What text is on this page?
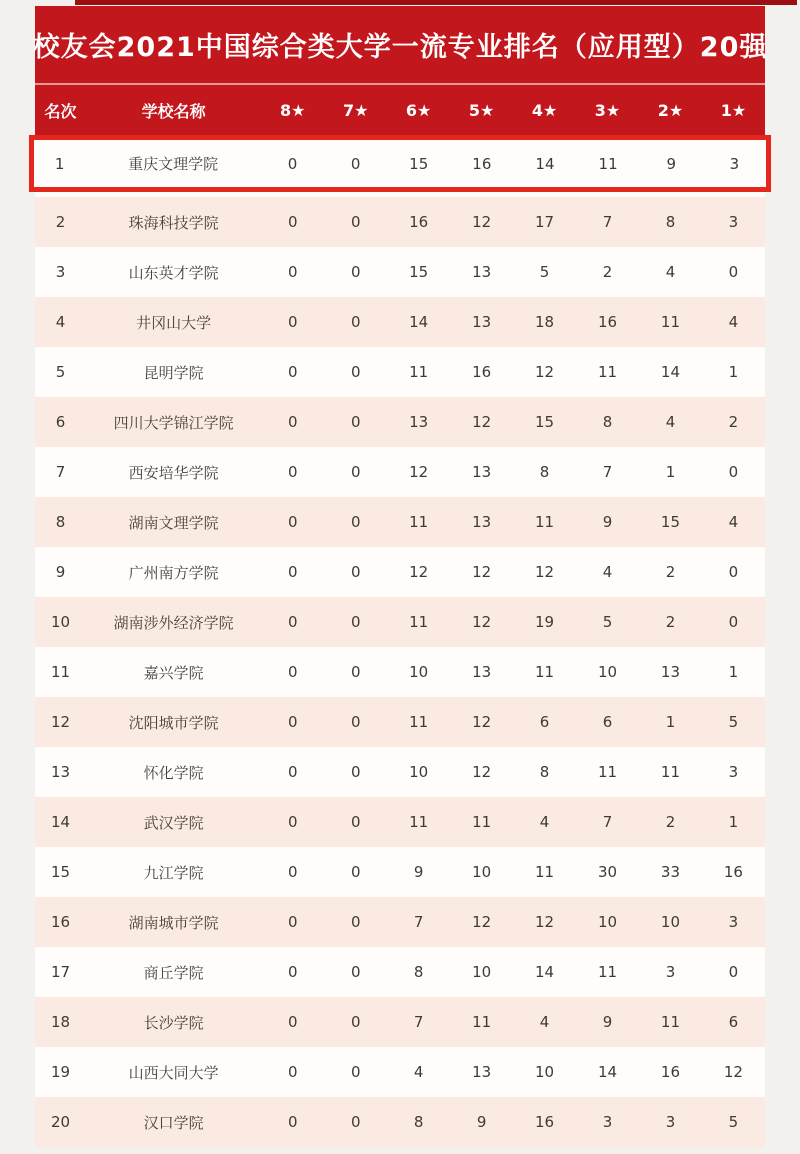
校友会2021中国综合类大学一流专业排名（应用型）20强
名次	学校名称	8★	7★	6★	5★	4★	3★	2★	1★
1	重庆文理学院	0	0	15	16	14	11	9	3
2	珠海科技学院	0	0	16	12	17	7	8	3
3	山东英才学院	0	0	15	13	5	2	4	0
4	井冈山大学	0	0	14	13	18	16	11	4
5	昆明学院	0	0	11	16	12	11	14	1
6	四川大学锦江学院	0	0	13	12	15	8	4	2
7	西安培华学院	0	0	12	13	8	7	1	0
8	湖南文理学院	0	0	11	13	11	9	15	4
9	广州南方学院	0	0	12	12	12	4	2	0
10	湖南涉外经济学院	0	0	11	12	19	5	2	0
11	嘉兴学院	0	0	10	13	11	10	13	1
12	沈阳城市学院	0	0	11	12	6	6	1	5
13	怀化学院	0	0	10	12	8	11	11	3
14	武汉学院	0	0	11	11	4	7	2	1
15	九江学院	0	0	9	10	11	30	33	16
16	湖南城市学院	0	0	7	12	12	10	10	3
17	商丘学院	0	0	8	10	14	11	3	0
18	长沙学院	0	0	7	11	4	9	11	6
19	山西大同大学	0	0	4	13	10	14	16	12
20	汉口学院	0	0	8	9	16	3	3	5
